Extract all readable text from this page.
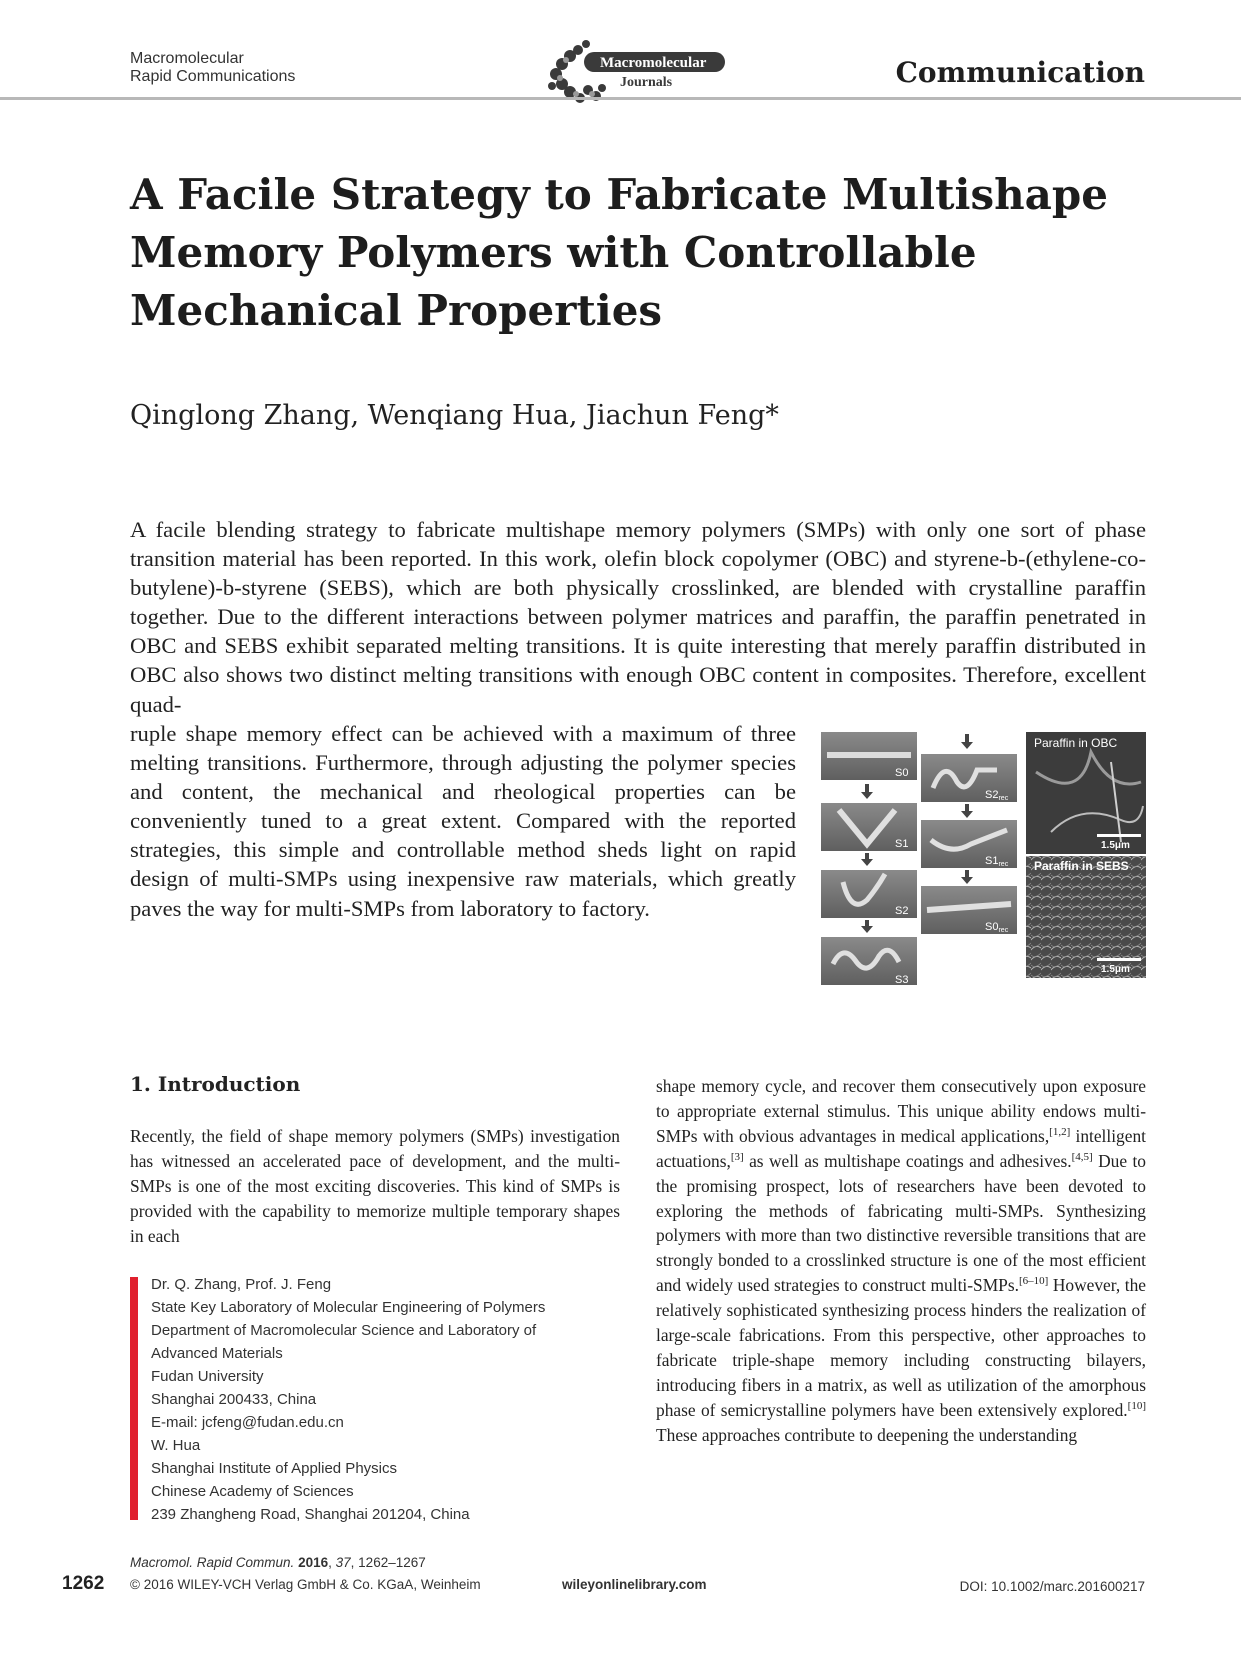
Macromolecular
Rapid Communications
Macromolecular
Journals	Communication
A Facile Strategy to Fabricate Multishape
Memory Polymers with Controllable
Mechanical Properties
Qinglong Zhang, Wenqiang Hua, Jiachun Feng*

A facile blending strategy to fabricate multishape memory polymers (SMPs) with only one sort of phase transition material has been reported. In this work, olefin block copolymer (OBC) and styrene-b-(ethylene-co-butylene)-b-styrene (SEBS), which are both physically crosslinked, are blended with crystalline paraffin together. Due to the different interactions between polymer matrices and paraffin, the paraffin penetrated in OBC and SEBS exhibit separated melting transitions. It is quite interesting that merely paraffin distributed in OBC also shows two distinct melting transitions with enough OBC content in composites. Therefore, excellent quad-

ruple shape memory effect can be achieved with a maximum of three melting transitions. Furthermore, through adjusting the polymer species and content, the mechanical and rheological properties can be conveniently tuned to a great extent. Compared with the reported strategies, this simple and controllable method sheds light on rapid design of multi-SMPs using inexpensive raw materials, which greatly paves the way for multi-SMPs from laboratory to factory.

S0
S1
S2
S3
S2rec
S1rec
S0rec
Paraffin in OBC
1.5μm
Paraffin in SEBS
1.5μm
1. Introduction

Recently, the field of shape memory polymers (SMPs) investigation has witnessed an accelerated pace of development, and the multi-SMPs is one of the most exciting discoveries. This kind of SMPs is provided with the capability to memorize multiple temporary shapes in each

shape memory cycle, and recover them consecutively upon exposure to appropriate external stimulus. This unique ability endows multi-SMPs with obvious advantages in medical applications,[1,2] intelligent actuations,[3] as well as multishape coatings and adhesives.[4,5] Due to the promising prospect, lots of researchers have been devoted to exploring the methods of fabricating multi-SMPs. Synthesizing polymers with more than two distinctive reversible transitions that are strongly bonded to a crosslinked structure is one of the most efficient and widely used strategies to construct multi-SMPs.[6–10] However, the relatively sophisticated synthesizing process hinders the realization of large-scale fabrications. From this perspective, other approaches to fabricate triple-shape memory including constructing bilayers, introducing fibers in a matrix, as well as utilization of the amorphous phase of semicrystalline polymers have been extensively explored.[10] These approaches contribute to deepening the understanding

Dr. Q. Zhang, Prof. J. Feng
State Key Laboratory of Molecular Engineering of Polymers
Department of Macromolecular Science and Laboratory of
Advanced Materials
Fudan University
Shanghai 200433, China
E-mail: jcfeng@fudan.edu.cn
W. Hua
Shanghai Institute of Applied Physics
Chinese Academy of Sciences
239 Zhangheng Road, Shanghai 201204, China
1262
Macromol. Rapid Commun. 2016, 37, 1262–1267
© 2016 WILEY-VCH Verlag GmbH & Co. KGaA, Weinheim	wileyonlinelibrary.com	DOI: 10.1002/marc.201600217
